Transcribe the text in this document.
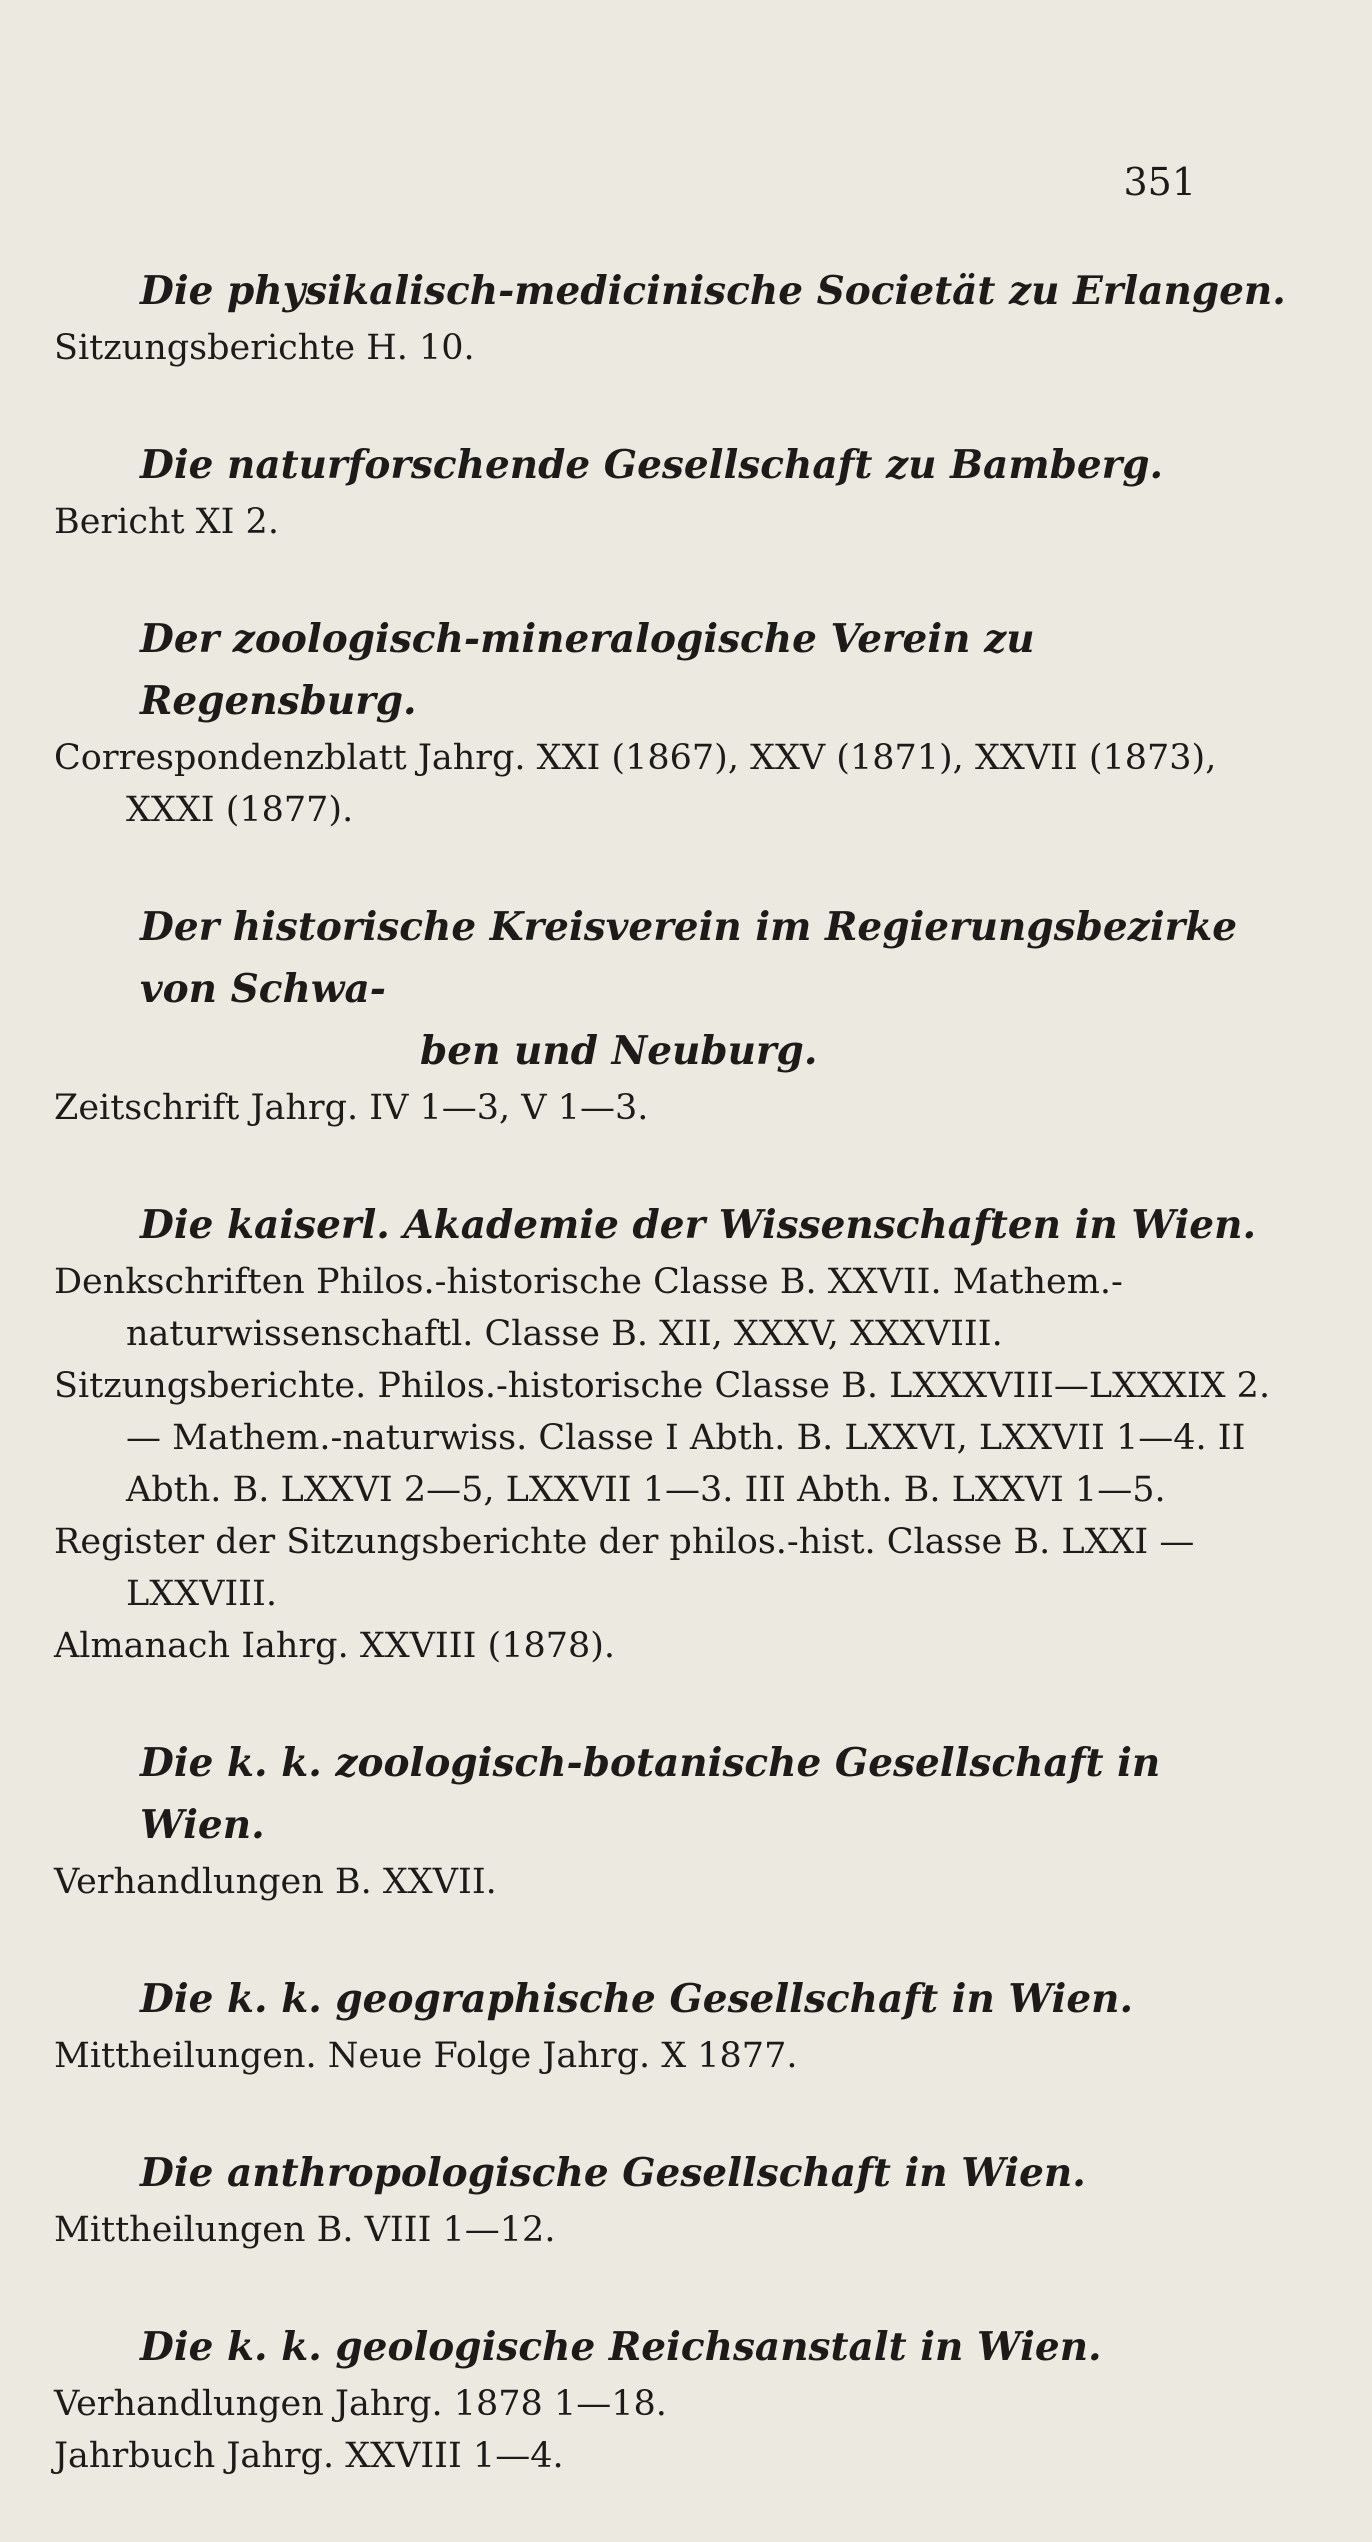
351
Die physikalisch-medicinische Societät zu Erlangen.
Sitzungsberichte H. 10.
Die naturforschende Gesellschaft zu Bamberg.
Bericht XI 2.
Der zoologisch-mineralogische Verein zu Regensburg.
Correspondenzblatt Jahrg. XXI (1867), XXV (1871), XXVII (1873), XXXI (1877).
Der historische Kreisverein im Regierungsbezirke von Schwa-
ben und Neuburg.
Zeitschrift Jahrg. IV 1—3, V 1—3.
Die kaiserl. Akademie der Wissenschaften in Wien.
Denkschriften Philos.-historische Classe B. XXVII. Mathem.-naturwissenschaftl. Classe B. XII, XXXV, XXXVIII.
Sitzungsberichte. Philos.-historische Classe B. LXXXVIII—LXXXIX 2. — Mathem.-naturwiss. Classe I Abth. B. LXXVI, LXXVII 1—4. II Abth. B. LXXVI 2—5, LXXVII 1—3. III Abth. B. LXXVI 1—5.
Register der Sitzungsberichte der philos.-hist. Classe B. LXXI —LXXVIII.
Almanach Iahrg. XXVIII (1878).
Die k. k. zoologisch-botanische Gesellschaft in Wien.
Verhandlungen B. XXVII.
Die k. k. geographische Gesellschaft in Wien.
Mittheilungen. Neue Folge Jahrg. X 1877.
Die anthropologische Gesellschaft in Wien.
Mittheilungen B. VIII 1—12.
Die k. k. geologische Reichsanstalt in Wien.
Verhandlungen Jahrg. 1878 1—18.
Jahrbuch Jahrg. XXVIII 1—4.
